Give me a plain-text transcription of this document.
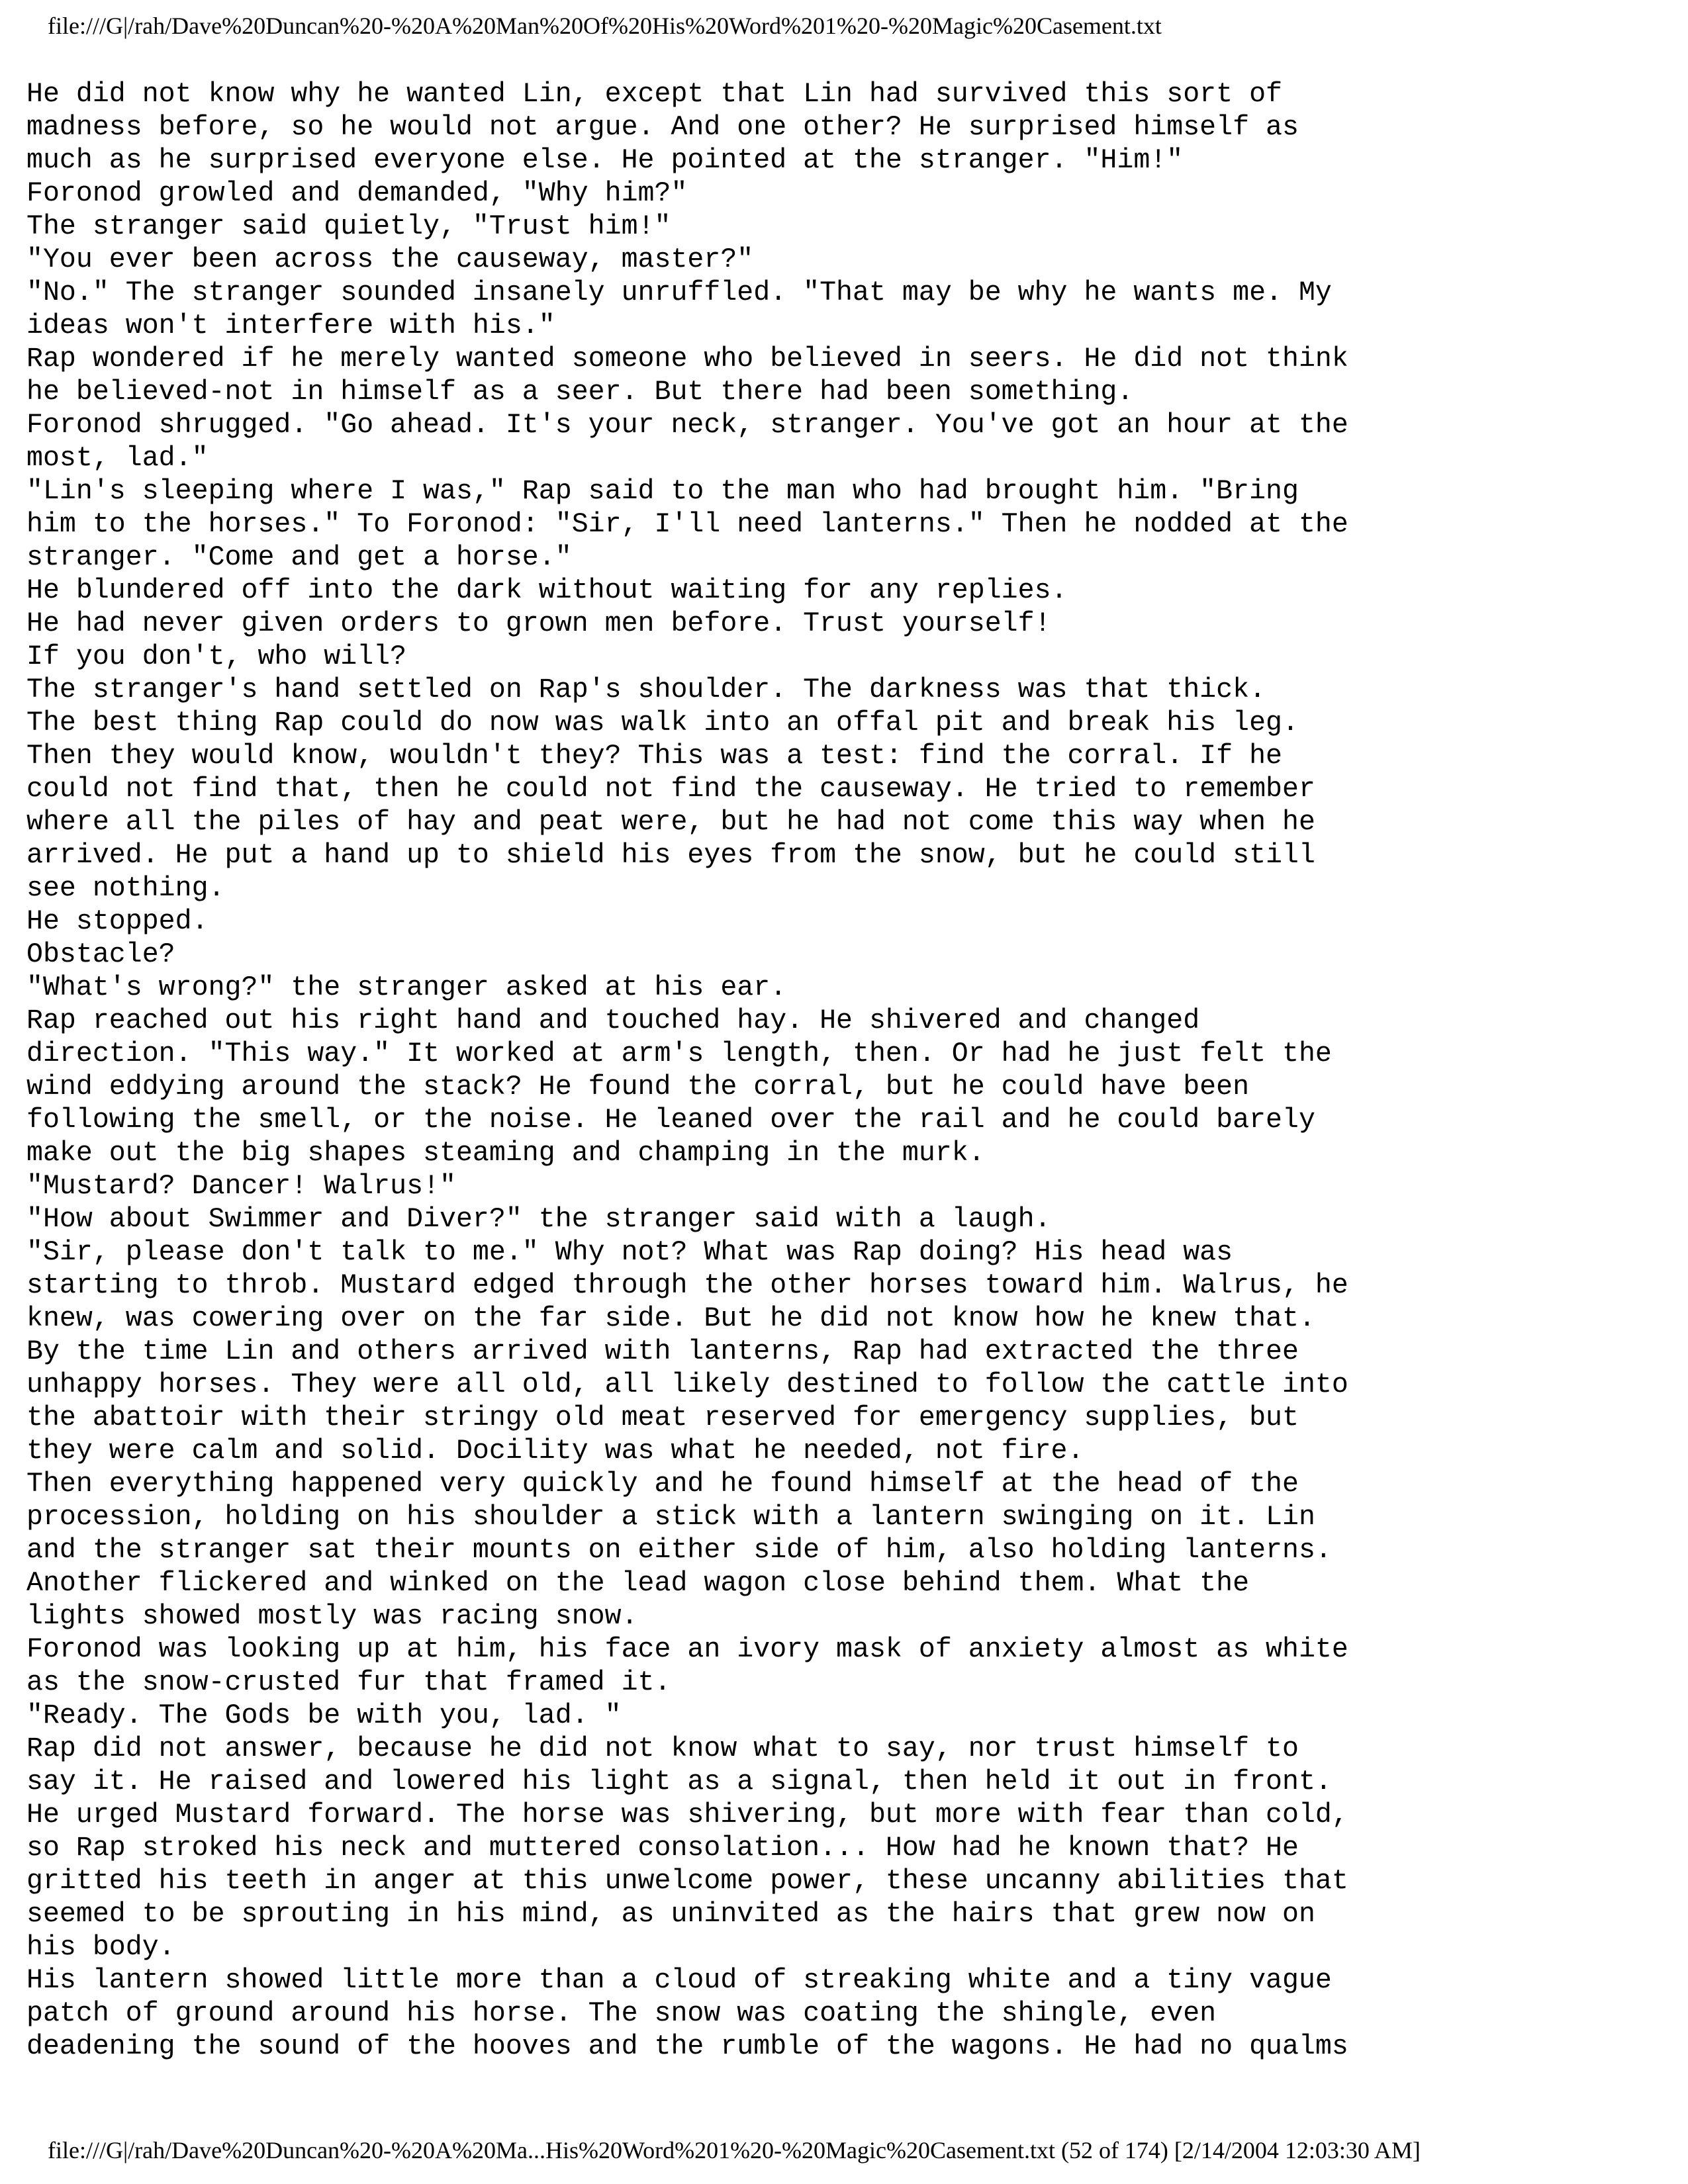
file:///G|/rah/Dave%20Duncan%20-%20A%20Man%20Of%20His%20Word%201%20-%20Magic%20Casement.txt
He did not know why he wanted Lin, except that Lin had survived this sort of
madness before, so he would not argue. And one other? He surprised himself as
much as he surprised everyone else. He pointed at the stranger. "Him!"
Foronod growled and demanded, "Why him?"
The stranger said quietly, "Trust him!"
"You ever been across the causeway, master?"
"No." The stranger sounded insanely unruffled. "That may be why he wants me. My
ideas won't interfere with his."
Rap wondered if he merely wanted someone who believed in seers. He did not think
he believed-not in himself as a seer. But there had been something.
Foronod shrugged. "Go ahead. It's your neck, stranger. You've got an hour at the
most, lad."
"Lin's sleeping where I was," Rap said to the man who had brought him. "Bring
him to the horses." To Foronod: "Sir, I'll need lanterns." Then he nodded at the
stranger. "Come and get a horse."
He blundered off into the dark without waiting for any replies.
He had never given orders to grown men before. Trust yourself!
If you don't, who will?
The stranger's hand settled on Rap's shoulder. The darkness was that thick.
The best thing Rap could do now was walk into an offal pit and break his leg.
Then they would know, wouldn't they? This was a test: find the corral. If he
could not find that, then he could not find the causeway. He tried to remember
where all the piles of hay and peat were, but he had not come this way when he
arrived. He put a hand up to shield his eyes from the snow, but he could still
see nothing.
He stopped.
Obstacle?
"What's wrong?" the stranger asked at his ear.
Rap reached out his right hand and touched hay. He shivered and changed
direction. "This way." It worked at arm's length, then. Or had he just felt the
wind eddying around the stack? He found the corral, but he could have been
following the smell, or the noise. He leaned over the rail and he could barely
make out the big shapes steaming and champing in the murk.
"Mustard? Dancer! Walrus!"
"How about Swimmer and Diver?" the stranger said with a laugh.
"Sir, please don't talk to me." Why not? What was Rap doing? His head was
starting to throb. Mustard edged through the other horses toward him. Walrus, he
knew, was cowering over on the far side. But he did not know how he knew that.
By the time Lin and others arrived with lanterns, Rap had extracted the three
unhappy horses. They were all old, all likely destined to follow the cattle into
the abattoir with their stringy old meat reserved for emergency supplies, but
they were calm and solid. Docility was what he needed, not fire.
Then everything happened very quickly and he found himself at the head of the
procession, holding on his shoulder a stick with a lantern swinging on it. Lin
and the stranger sat their mounts on either side of him, also holding lanterns.
Another flickered and winked on the lead wagon close behind them. What the
lights showed mostly was racing snow.
Foronod was looking up at him, his face an ivory mask of anxiety almost as white
as the snow-crusted fur that framed it.
"Ready. The Gods be with you, lad. "
Rap did not answer, because he did not know what to say, nor trust himself to
say it. He raised and lowered his light as a signal, then held it out in front.
He urged Mustard forward. The horse was shivering, but more with fear than cold,
so Rap stroked his neck and muttered consolation... How had he known that? He
gritted his teeth in anger at this unwelcome power, these uncanny abilities that
seemed to be sprouting in his mind, as uninvited as the hairs that grew now on
his body.
His lantern showed little more than a cloud of streaking white and a tiny vague
patch of ground around his horse. The snow was coating the shingle, even
deadening the sound of the hooves and the rumble of the wagons. He had no qualms
file:///G|/rah/Dave%20Duncan%20-%20A%20Ma...His%20Word%201%20-%20Magic%20Casement.txt (52 of 174) [2/14/2004 12:03:30 AM]
